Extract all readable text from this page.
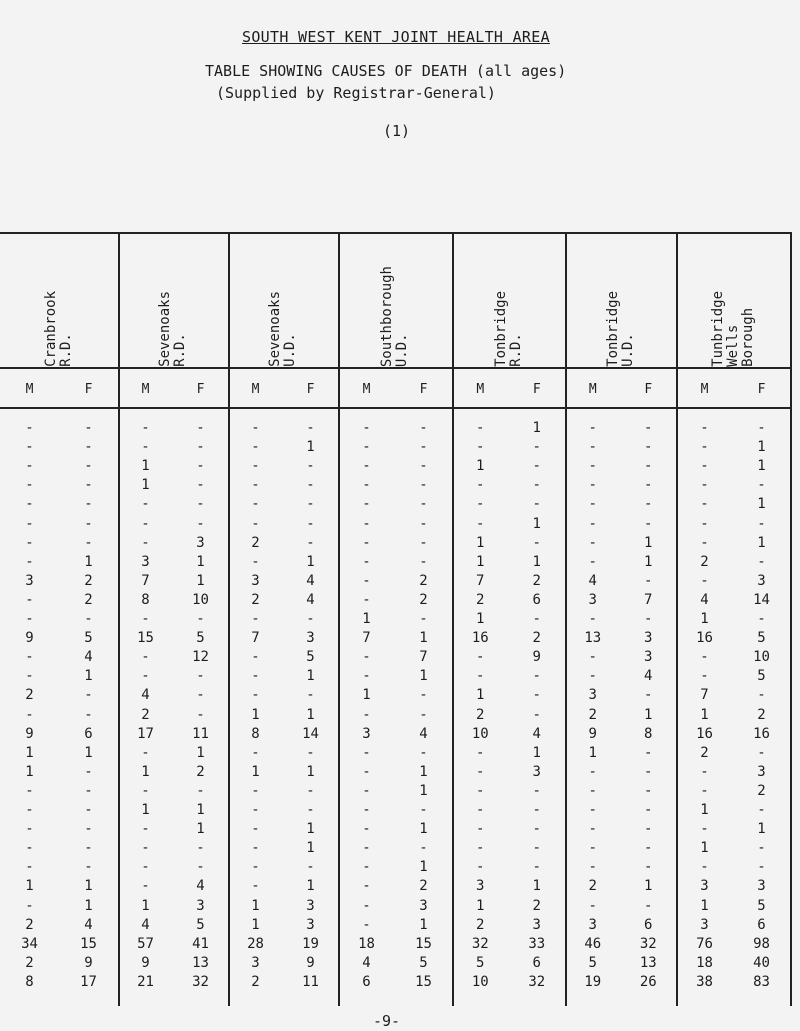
SOUTH WEST KENT JOINT HEALTH AREA
TABLE SHOWING CAUSES OF DEATH (all ages)
(Supplied by Registrar-General)
(1)
Cranbrook
R.D.	Sevenoaks
R.D.	Sevenoaks
U.D.	Southborough
U.D.	Tonbridge
R.D.	Tonbridge
U.D.	Tunbridge
Wells
Borough
M	F	M	F	M	F	M	F	M	F	M	F	M	F
-	-	-	-	-	-	-	-	-	1	-	-	-	-
-	-	-	-	-	1	-	-	-	-	-	-	-	1
-	-	1	-	-	-	-	-	1	-	-	-	-	1
-	-	1	-	-	-	-	-	-	-	-	-	-	-
-	-	-	-	-	-	-	-	-	-	-	-	-	1
-	-	-	-	-	-	-	-	-	1	-	-	-	-
-	-	-	3	2	-	-	-	1	-	-	1	-	1
-	1	3	1	-	1	-	-	1	1	-	1	2	-
3	2	7	1	3	4	-	2	7	2	4	-	-	3
-	2	8	10	2	4	-	2	2	6	3	7	4	14
-	-	-	-	-	-	1	-	1	-	-	-	1	-
9	5	15	5	7	3	7	1	16	2	13	3	16	5
-	4	-	12	-	5	-	7	-	9	-	3	-	10
-	1	-	-	-	1	-	1	-	-	-	4	-	5
2	-	4	-	-	-	1	-	1	-	3	-	7	-
-	-	2	-	1	1	-	-	2	-	2	1	1	2
9	6	17	11	8	14	3	4	10	4	9	8	16	16
1	1	-	1	-	-	-	-	-	1	1	-	2	-
1	-	1	2	1	1	-	1	-	3	-	-	-	3
-	-	-	-	-	-	-	1	-	-	-	-	-	2
-	-	1	1	-	-	-	-	-	-	-	-	1	-
-	-	-	1	-	1	-	1	-	-	-	-	-	1
-	-	-	-	-	1	-	-	-	-	-	-	1	-
-	-	-	-	-	-	-	1	-	-	-	-	-	-
1	1	-	4	-	1	-	2	3	1	2	1	3	3
-	1	1	3	1	3	-	3	1	2	-	-	1	5
2	4	4	5	1	3	-	1	2	3	3	6	3	6
34	15	57	41	28	19	18	15	32	33	46	32	76	98
2	9	9	13	3	9	4	5	5	6	5	13	18	40
8	17	21	32	2	11	6	15	10	32	19	26	38	83
-9-
